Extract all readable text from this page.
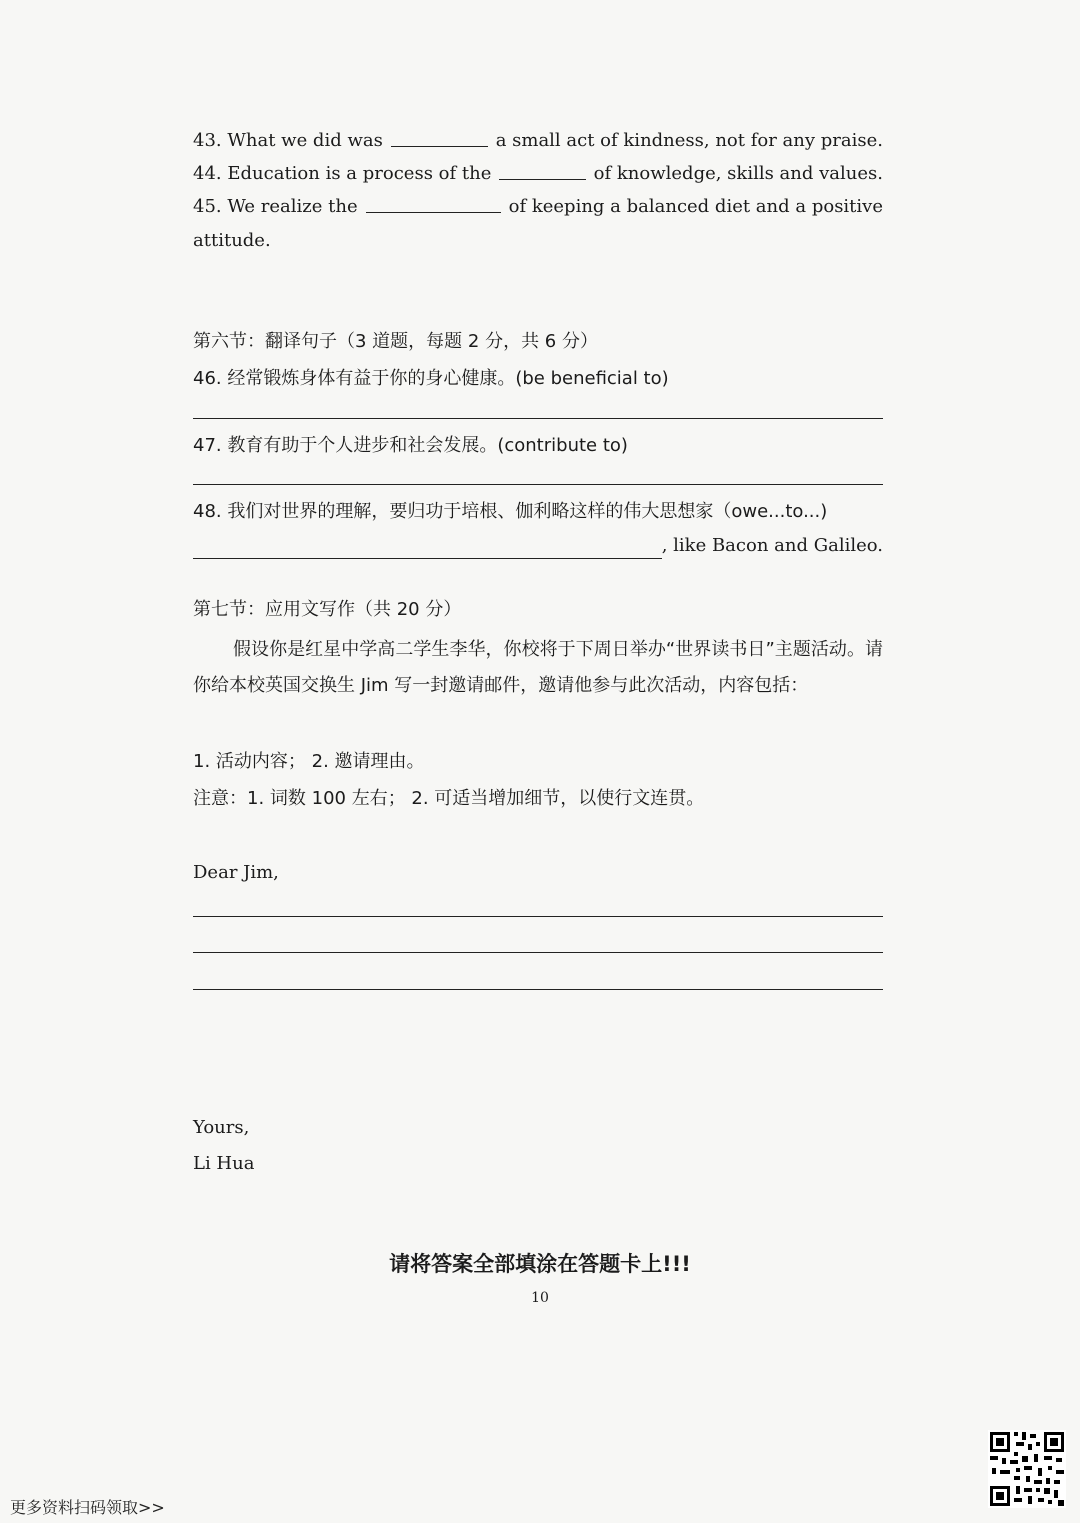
43. What we did was	a small act of kindness, not for any praise.
44. Education is a process of the	of knowledge, skills and values.
45. We realize the	of keeping a balanced diet and a positive
attitude.
第六节：翻译句子（3 道题，每题 2 分，共 6 分）
46. 经常锻炼身体有益于你的身心健康。(be beneficial to)
47. 教育有助于个人进步和社会发展。(contribute to)
48. 我们对世界的理解，要归功于培根、伽利略这样的伟大思想家（owe...to...)
, like Bacon and Galileo.
第七节：应用文写作（共 20 分）
假设你是红星中学高二学生李华，你校将于下周日举办“世界读书日”主题活动。请你给本校英国交换生 Jim 写一封邀请邮件，邀请他参与此次活动，内容包括：
1. 活动内容； 2. 邀请理由。
注意：1. 词数 100 左右； 2. 可适当增加细节，以使行文连贯。
Dear Jim,
Yours,
Li Hua
请将答案全部填涂在答题卡上!!!
10
更多资料扫码领取>>
